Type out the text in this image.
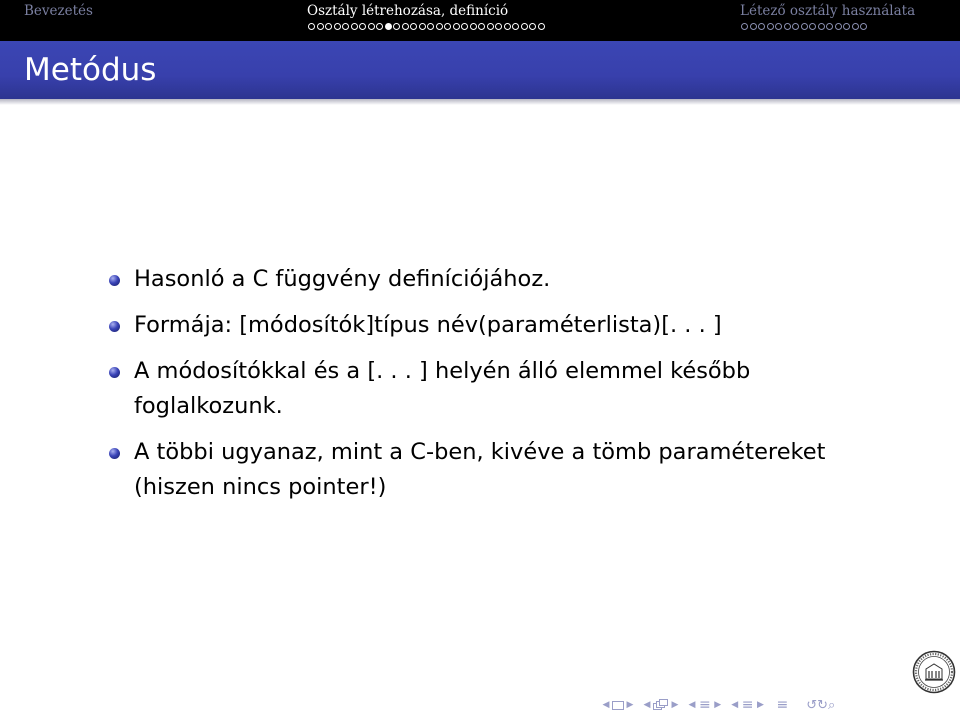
Bevezetés	Osztály létrehozása, definíció	Létező osztály használata
Metódus
Hasonló a C függvény definíciójához.
Formája: [módosítók]típus név(paraméterlista)[. . . ]
A módosítókkal és a [. . . ] helyén álló elemmel később foglalkozunk.
A többi ugyanaz, mint a C-ben, kivéve a tömb paramétereket (hiszen nincs pointer!)
◀ ▶ ◀ ▶ ◀ ≡ ▶ ◀ ≡ ▶ ≡ ↺↻⌕
